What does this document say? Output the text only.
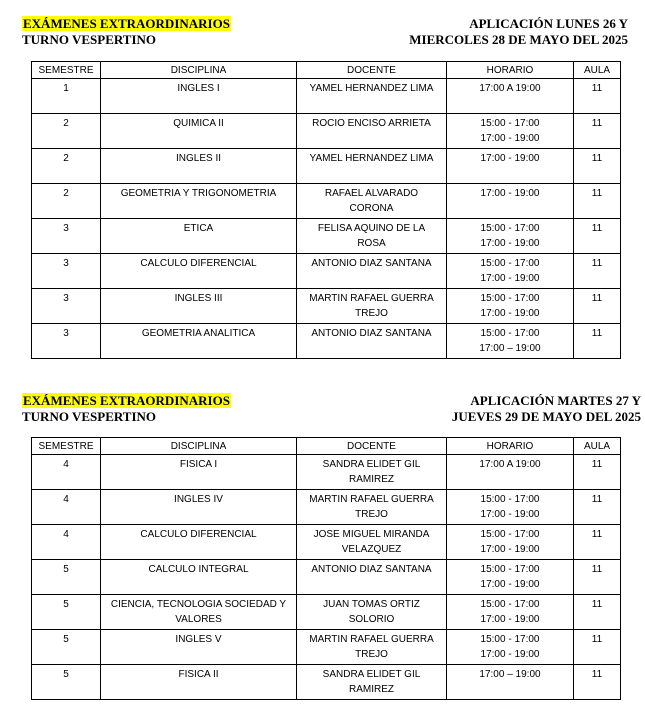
EXÁMENES EXTRAORDINARIOS
TURNO VESPERTINO
APLICACIÓN LUNES 26 Y
MIERCOLES 28 DE MAYO DEL 2025
SEMESTRE	DISCIPLINA	DOCENTE	HORARIO	AULA
1	INGLES I	YAMEL HERNANDEZ LIMA	17:00 A 19:00	11
2	QUIMICA II	ROCIO ENCISO ARRIETA	15:00 - 17:00
17:00 - 19:00	11
2	INGLES II	YAMEL HERNANDEZ LIMA	17:00 - 19:00	11
2	GEOMETRIA Y TRIGONOMETRIA	RAFAEL ALVARADO
CORONA	17:00 - 19:00	11
3	ETICA	FELISA AQUINO DE LA
ROSA	15:00 - 17:00
17:00 - 19:00	11
3	CALCULO DIFERENCIAL	ANTONIO DIAZ SANTANA	15:00 - 17:00
17:00 - 19:00	11
3	INGLES III	MARTIN RAFAEL GUERRA
TREJO	15:00 - 17:00
17:00 - 19:00	11
3	GEOMETRIA ANALITICA	ANTONIO DIAZ SANTANA	15:00 - 17:00
17:00 – 19:00	11
EXÁMENES EXTRAORDINARIOS
TURNO VESPERTINO
APLICACIÓN MARTES 27 Y
JUEVES 29 DE MAYO DEL 2025
SEMESTRE	DISCIPLINA	DOCENTE	HORARIO	AULA
4	FISICA I	SANDRA ELIDET GIL
RAMIREZ	17:00 A 19:00	11
4	INGLES IV	MARTIN RAFAEL GUERRA
TREJO	15:00 - 17:00
17:00 - 19:00	11
4	CALCULO DIFERENCIAL	JOSE MIGUEL MIRANDA
VELAZQUEZ	15:00 - 17:00
17:00 - 19:00	11
5	CALCULO INTEGRAL	ANTONIO DIAZ SANTANA	15:00 - 17:00
17:00 - 19:00	11
5	CIENCIA, TECNOLOGIA SOCIEDAD Y
VALORES	JUAN TOMAS ORTIZ
SOLORIO	15:00 - 17:00
17:00 - 19:00	11
5	INGLES V	MARTIN RAFAEL GUERRA
TREJO	15:00 - 17:00
17:00 - 19:00	11
5	FISICA II	SANDRA ELIDET GIL
RAMIREZ	17:00 – 19:00	11
